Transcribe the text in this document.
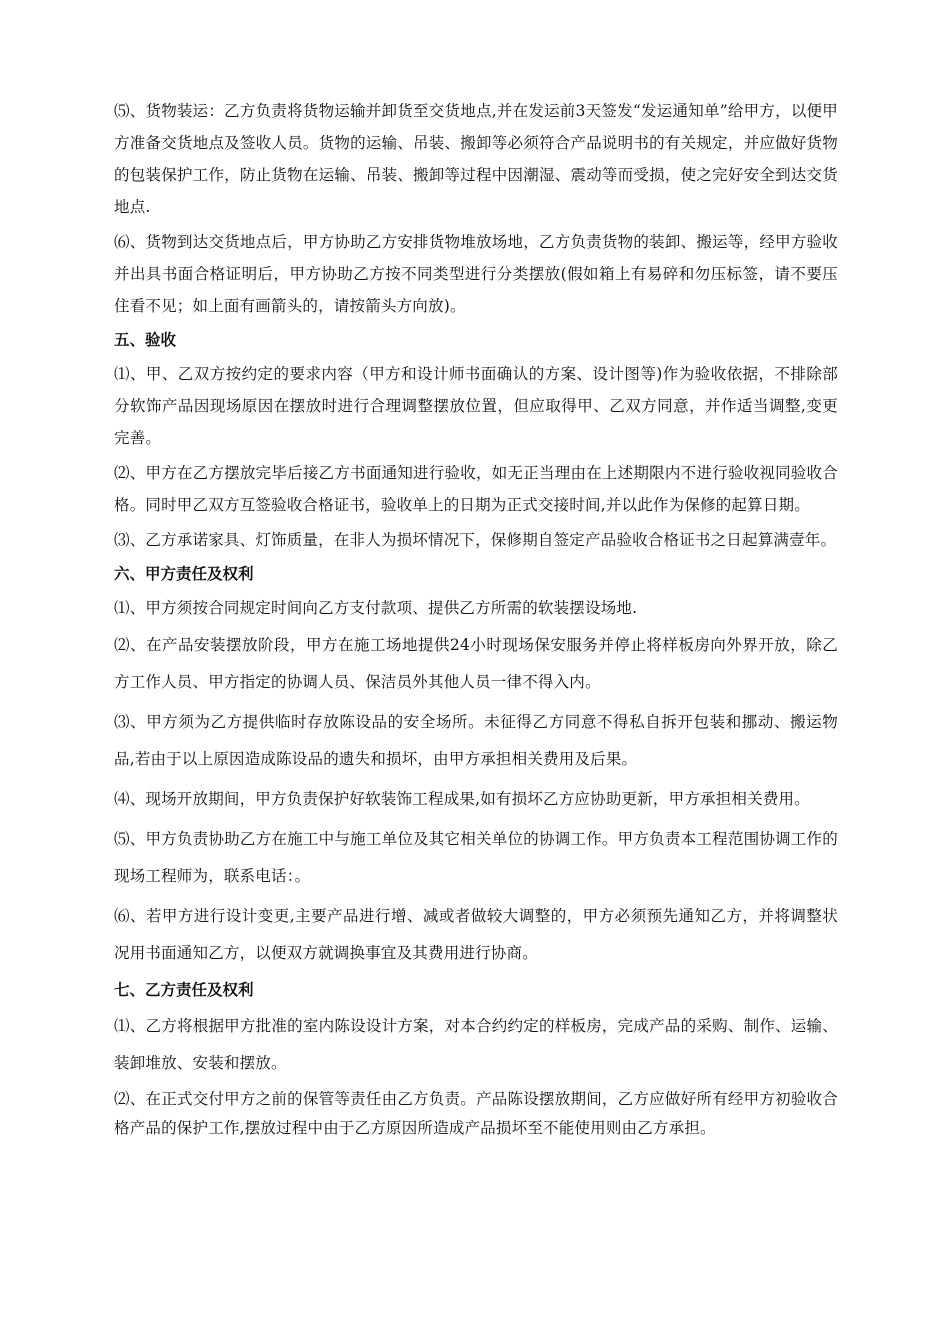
⑸、货物装运：乙方负责将货物运输并卸货至交货地点,并在发运前3天签发“发运通知单”给甲方，以便甲方准备交货地点及签收人员。货物的运输、吊装、搬卸等必须符合产品说明书的有关规定，并应做好货物的包装保护工作，防止货物在运输、吊装、搬卸等过程中因潮湿、震动等而受损，使之完好安全到达交货地点.

⑹、货物到达交货地点后，甲方协助乙方安排货物堆放场地，乙方负责货物的装卸、搬运等，经甲方验收并出具书面合格证明后，甲方协助乙方按不同类型进行分类摆放(假如箱上有易碎和勿压标签，请不要压住看不见；如上面有画箭头的，请按箭头方向放)。

五、验收

⑴、甲、乙双方按约定的要求内容（甲方和设计师书面确认的方案、设计图等)作为验收依据，不排除部分软饰产品因现场原因在摆放时进行合理调整摆放位置，但应取得甲、乙双方同意，并作适当调整,变更完善。

⑵、甲方在乙方摆放完毕后接乙方书面通知进行验收，如无正当理由在上述期限内不进行验收视同验收合格。同时甲乙双方互签验收合格证书，验收单上的日期为正式交接时间,并以此作为保修的起算日期。

⑶、乙方承诺家具、灯饰质量，在非人为损坏情况下，保修期自签定产品验收合格证书之日起算满壹年。

六、甲方责任及权利

⑴、甲方须按合同规定时间向乙方支付款项、提供乙方所需的软装摆设场地.

⑵、在产品安装摆放阶段，甲方在施工场地提供24小时现场保安服务并停止将样板房向外界开放，除乙方工作人员、甲方指定的协调人员、保洁员外其他人员一律不得入内。

⑶、甲方须为乙方提供临时存放陈设品的安全场所。未征得乙方同意不得私自拆开包装和挪动、搬运物品,若由于以上原因造成陈设品的遗失和损坏，由甲方承担相关费用及后果。

⑷、现场开放期间，甲方负责保护好软装饰工程成果,如有损坏乙方应协助更新，甲方承担相关费用。

⑸、甲方负责协助乙方在施工中与施工单位及其它相关单位的协调工作。甲方负责本工程范围协调工作的现场工程师为，联系电话：。

⑹、若甲方进行设计变更,主要产品进行增、减或者做较大调整的，甲方必须预先通知乙方，并将调整状况用书面通知乙方，以便双方就调换事宜及其费用进行协商。

七、乙方责任及权利

⑴、乙方将根据甲方批准的室内陈设设计方案，对本合约约定的样板房，完成产品的采购、制作、运输、装卸堆放、安装和摆放。

⑵、在正式交付甲方之前的保管等责任由乙方负责。产品陈设摆放期间，乙方应做好所有经甲方初验收合格产品的保护工作,摆放过程中由于乙方原因所造成产品损坏至不能使用则由乙方承担。
